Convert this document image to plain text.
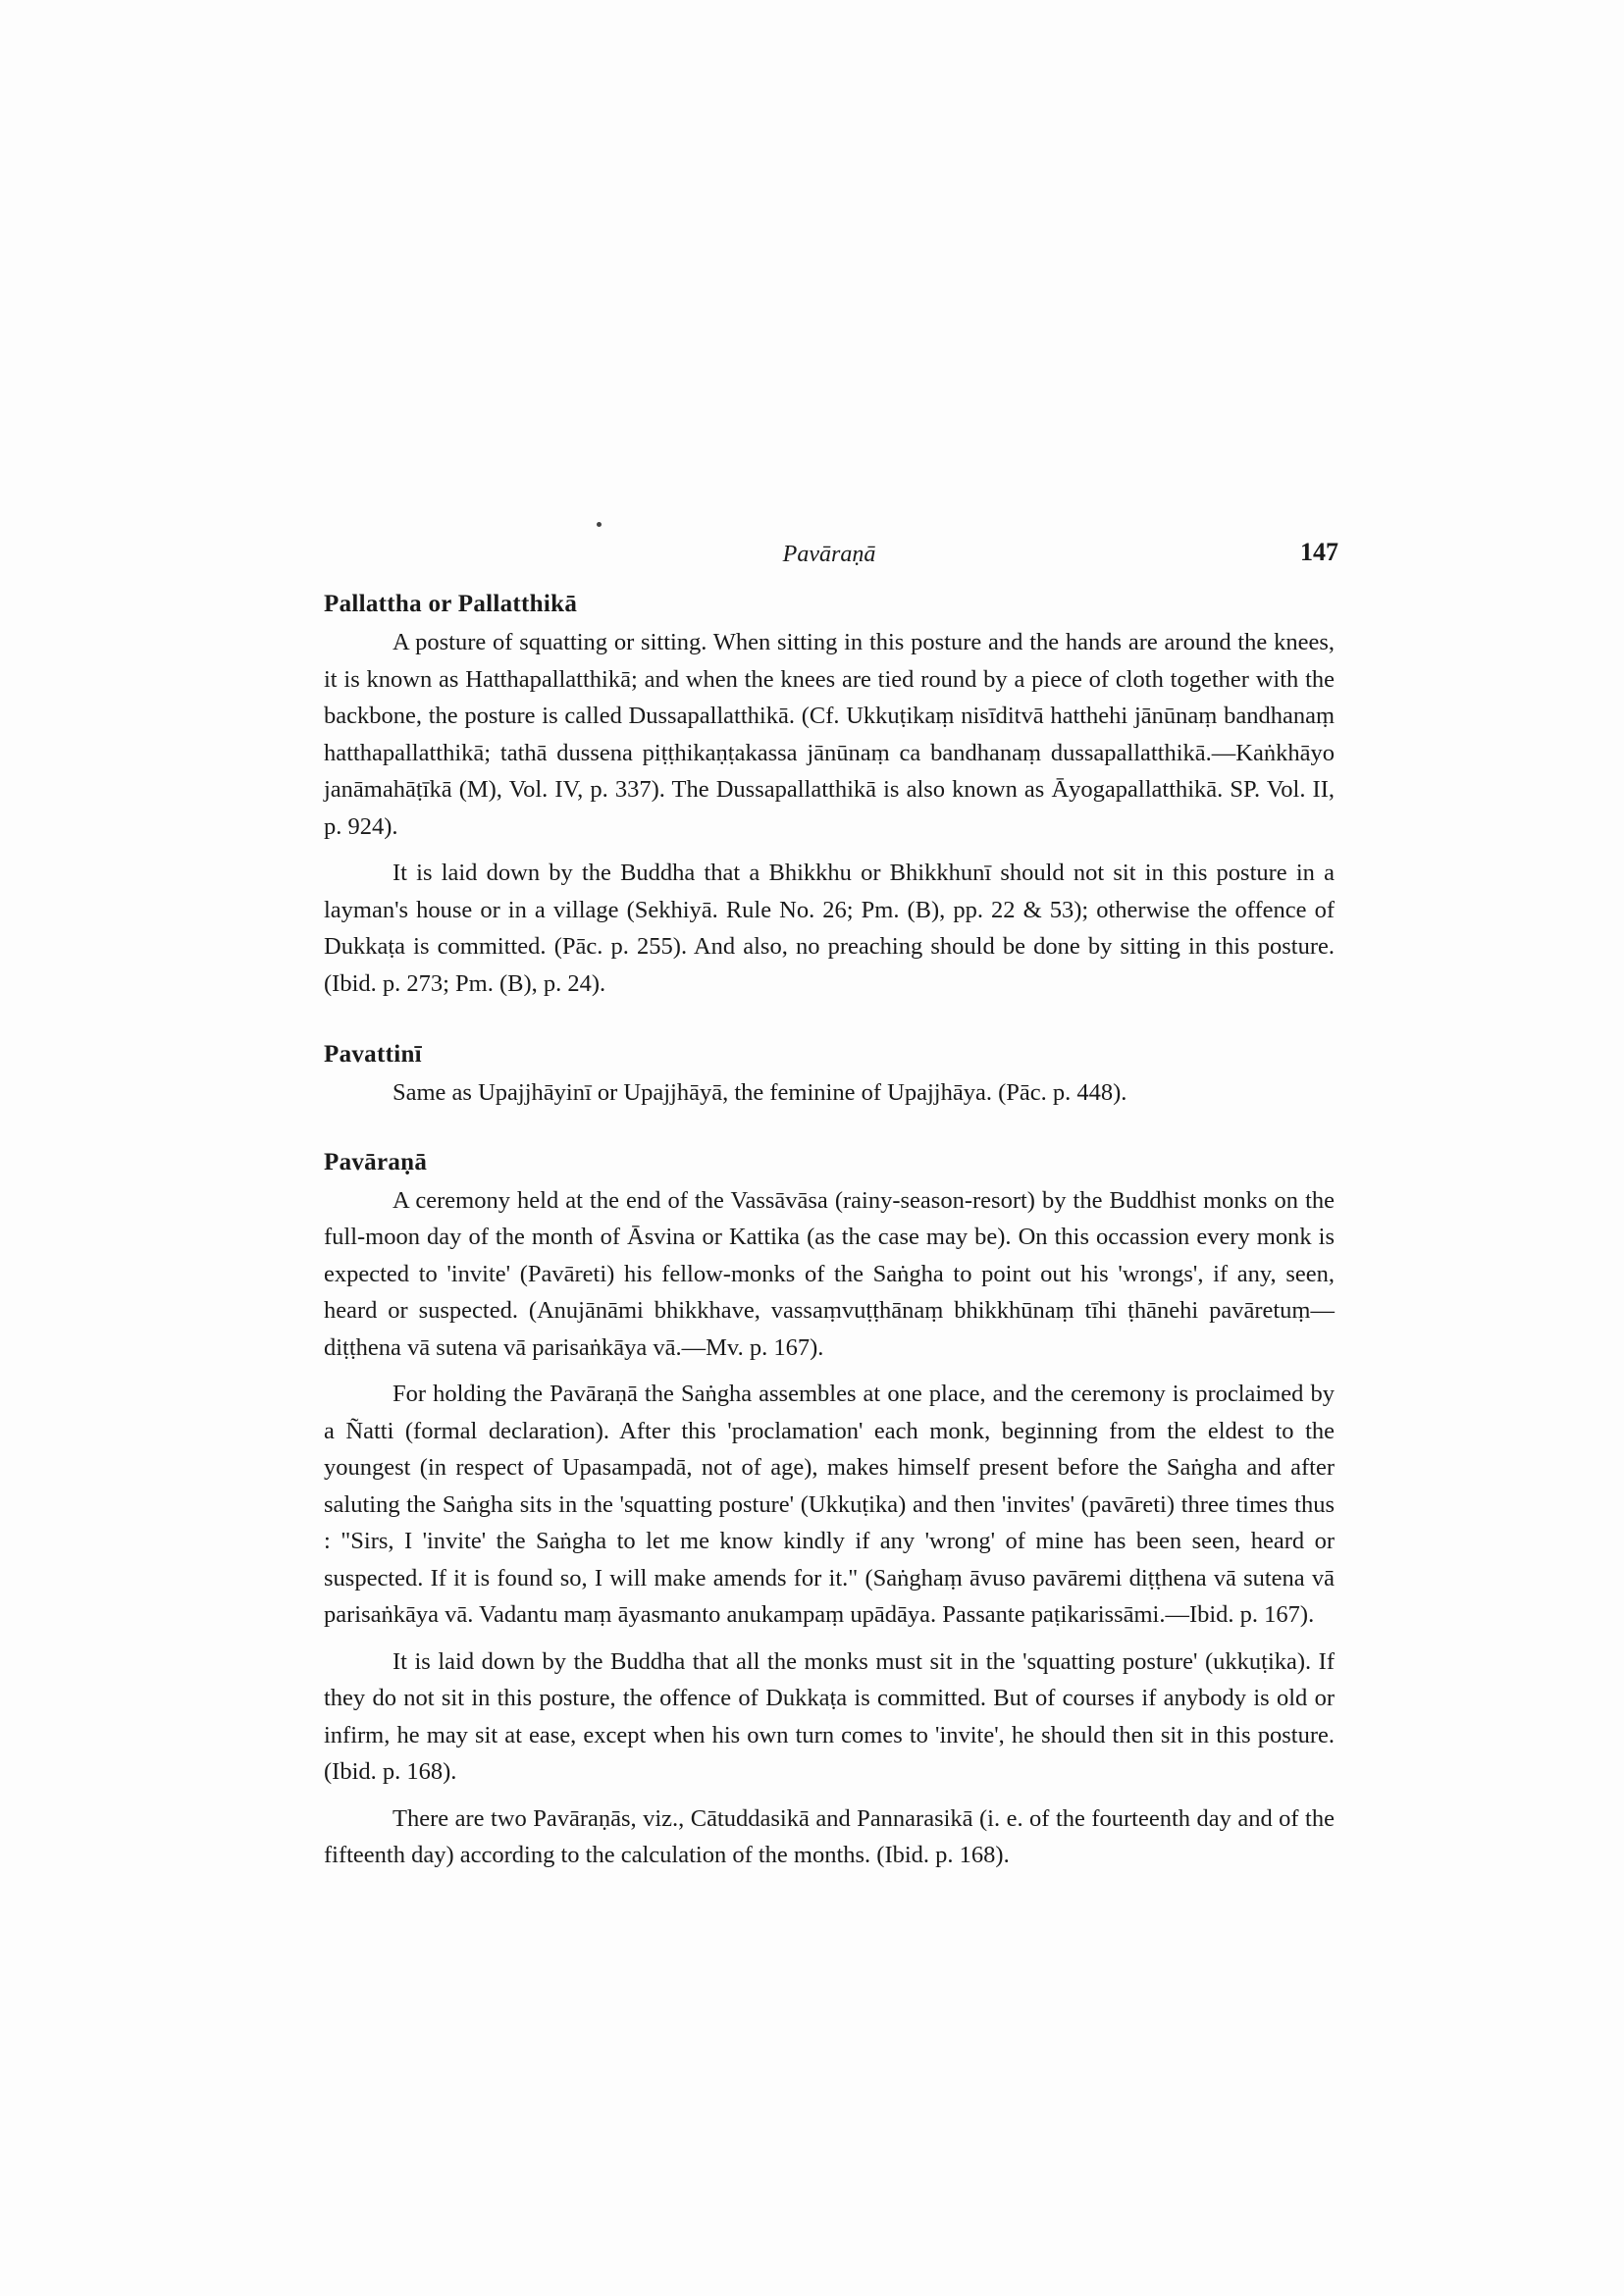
Pavāraṇā	147
Pallattha or Pallatthikā

A posture of squatting or sitting. When sitting in this posture and the hands are around the knees, it is known as Hatthapallatthikā; and when the knees are tied round by a piece of cloth together with the backbone, the posture is called Dussapallatthikā. (Cf. Ukkuṭikaṃ nisīditvā hatthehi jānūnaṃ bandhanaṃ hatthapallatthikā; tathā dussena piṭṭhikaṇṭakassa jānūnaṃ ca bandhanaṃ dussapallatthikā.—Kaṅkhāyo janāmahāṭīkā (M), Vol. IV, p. 337). The Dussapallatthikā is also known as Āyogapallatthikā. SP. Vol. II, p. 924).

It is laid down by the Buddha that a Bhikkhu or Bhikkhunī should not sit in this posture in a layman's house or in a village (Sekhiyā. Rule No. 26; Pm. (B), pp. 22 & 53); otherwise the offence of Dukkaṭa is committed. (Pāc. p. 255). And also, no preaching should be done by sitting in this posture. (Ibid. p. 273; Pm. (B), p. 24).

Pavattinī

Same as Upajjhāyinī or Upajjhāyā, the feminine of Upajjhāya. (Pāc. p. 448).

Pavāraṇā

A ceremony held at the end of the Vassāvāsa (rainy-season-resort) by the Buddhist monks on the full-moon day of the month of Āsvina or Kattika (as the case may be). On this occassion every monk is expected to 'invite' (Pavāreti) his fellow-monks of the Saṅgha to point out his 'wrongs', if any, seen, heard or suspected. (Anujānāmi bhikkhave, vassaṃvuṭṭhānaṃ bhikkhūnaṃ tīhi ṭhānehi pavāretuṃ—diṭṭhena vā sutena vā parisaṅkāya vā.—Mv. p. 167).

For holding the Pavāraṇā the Saṅgha assembles at one place, and the ceremony is proclaimed by a Ñatti (formal declaration). After this 'proclamation' each monk, beginning from the eldest to the youngest (in respect of Upasampadā, not of age), makes himself present before the Saṅgha and after saluting the Saṅgha sits in the 'squatting posture' (Ukkuṭika) and then 'invites' (pavāreti) three times thus : "Sirs, I 'invite' the Saṅgha to let me know kindly if any 'wrong' of mine has been seen, heard or suspected. If it is found so, I will make amends for it." (Saṅghaṃ āvuso pavāremi diṭṭhena vā sutena vā parisaṅkāya vā. Vadantu maṃ āyasmanto anukampaṃ upādāya. Passante paṭikarissāmi.—Ibid. p. 167).

It is laid down by the Buddha that all the monks must sit in the 'squatting posture' (ukkuṭika). If they do not sit in this posture, the offence of Dukkaṭa is committed. But of courses if anybody is old or infirm, he may sit at ease, except when his own turn comes to 'invite', he should then sit in this posture. (Ibid. p. 168).

There are two Pavāraṇās, viz., Cātuddasikā and Pannarasikā (i. e. of the fourteenth day and of the fifteenth day) according to the calculation of the months. (Ibid. p. 168).
